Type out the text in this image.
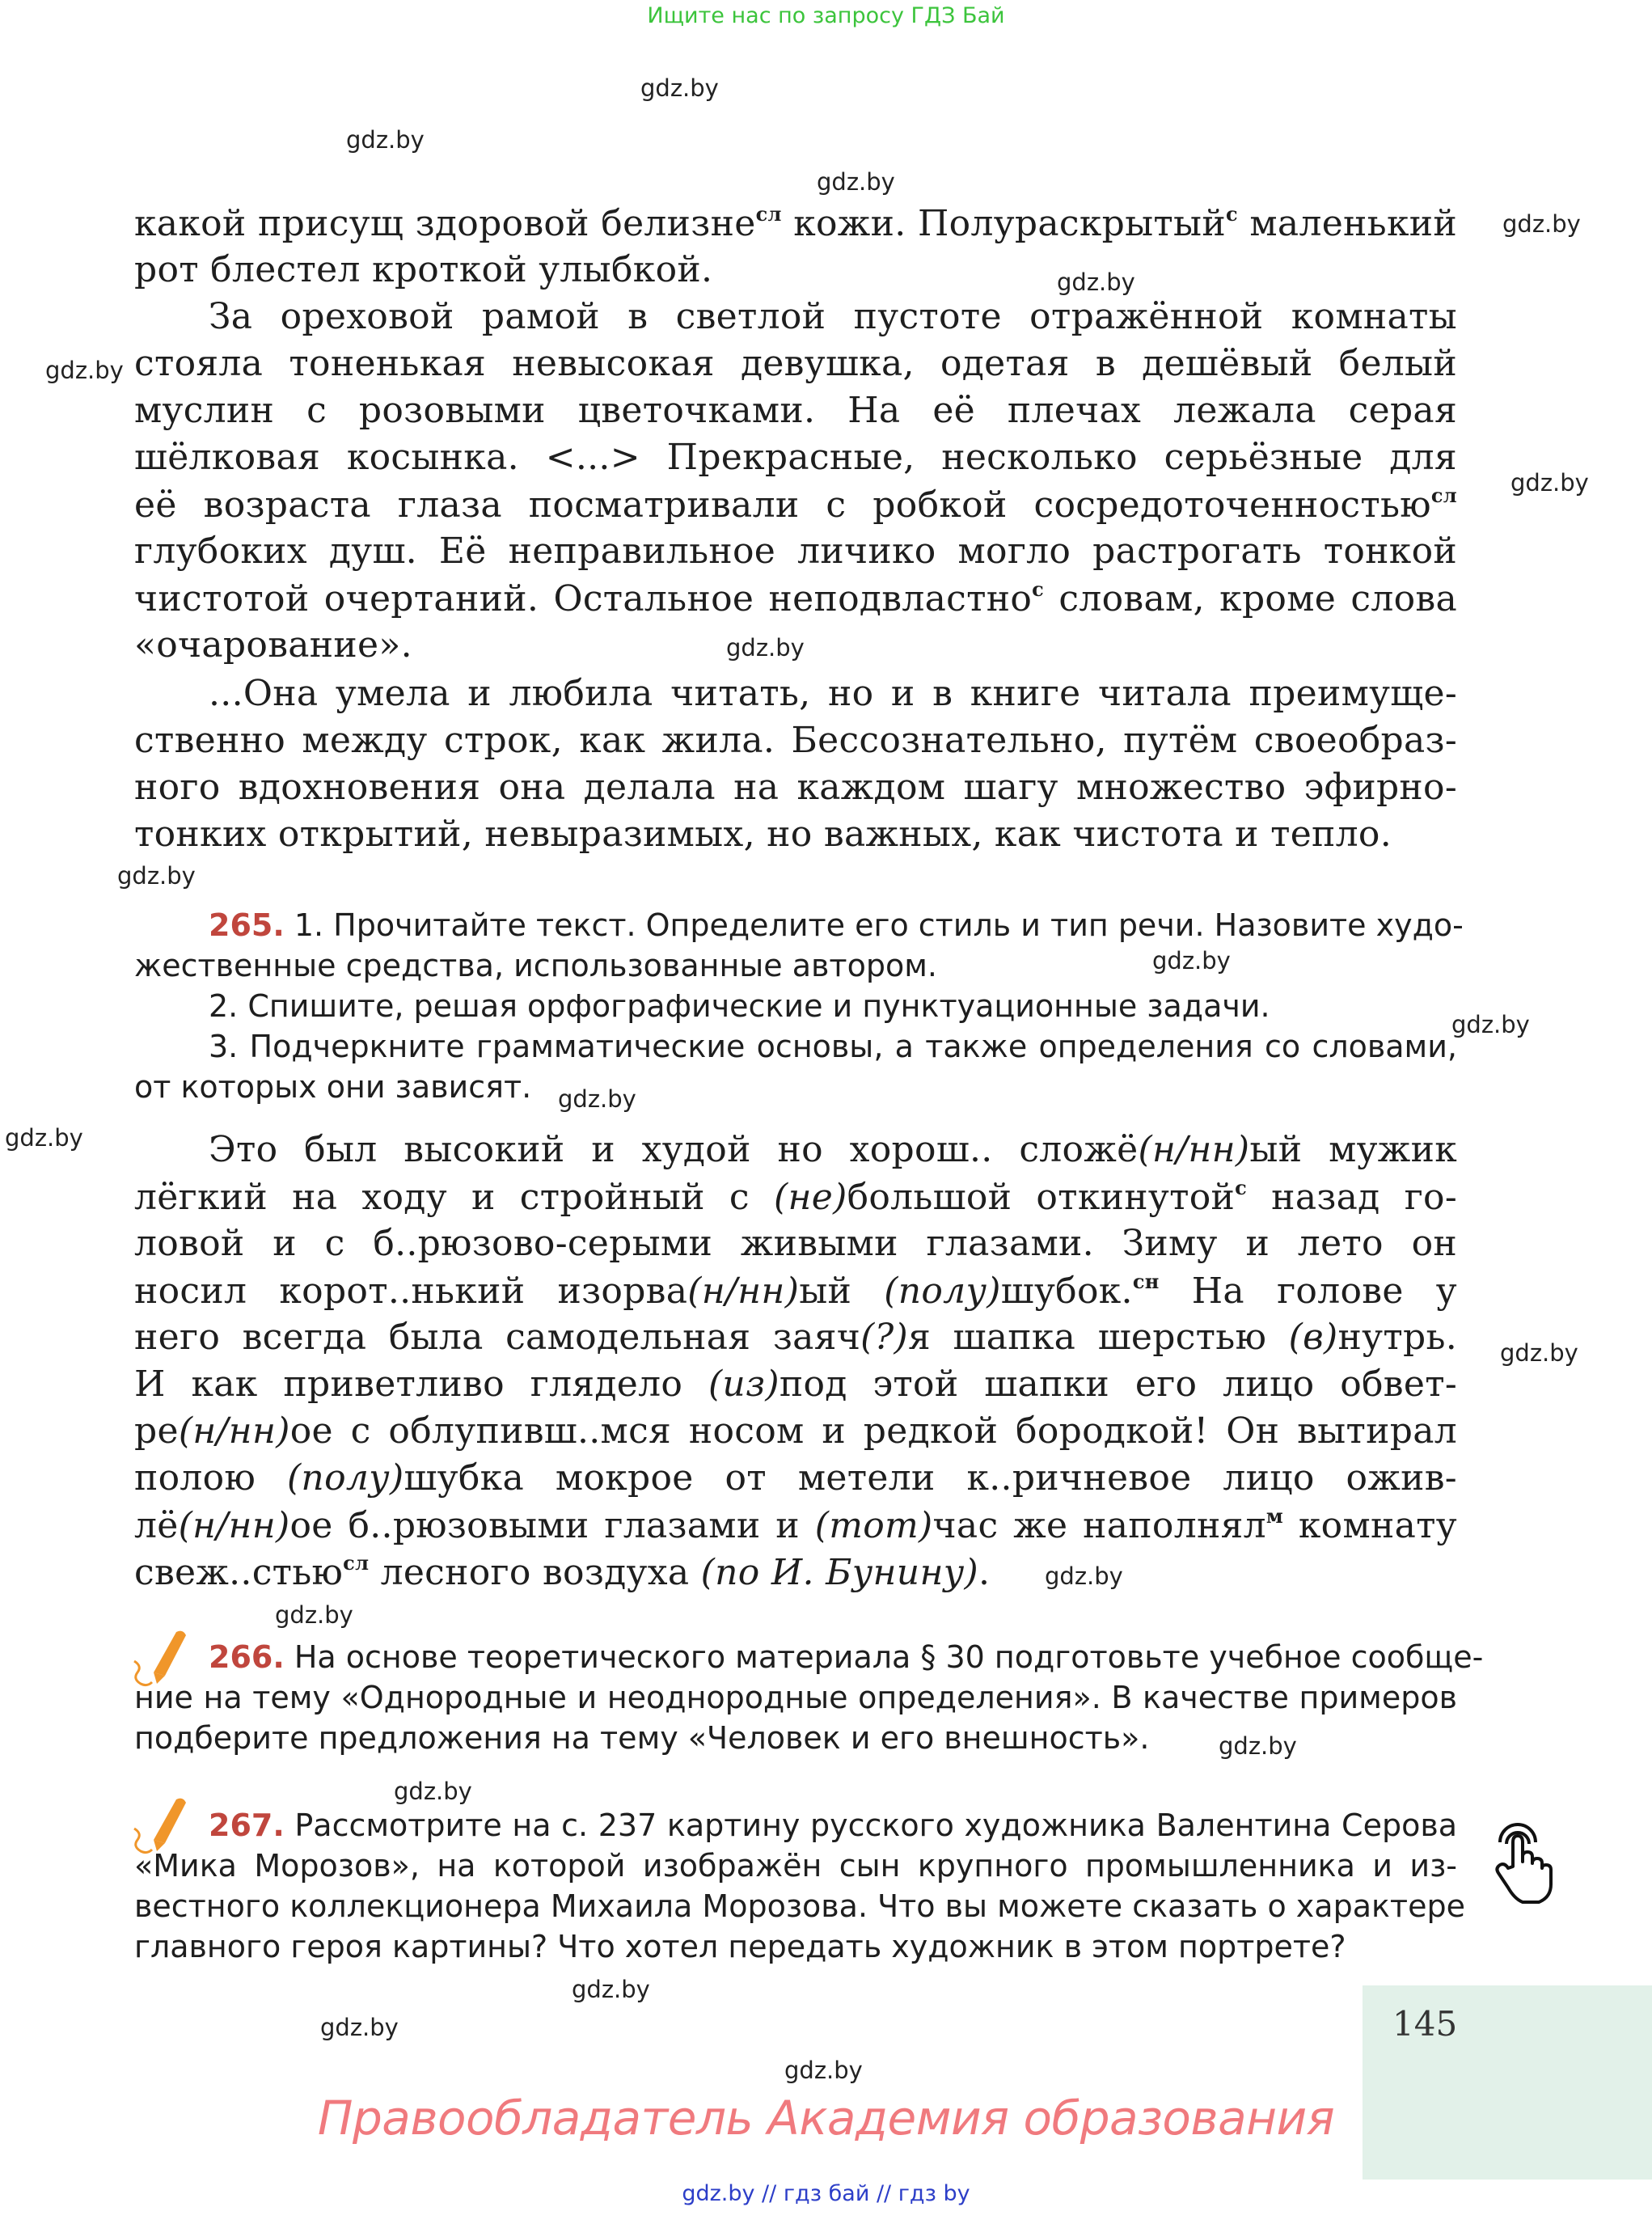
Ищите нас по запросу ГДЗ Бай
gdz.by
gdz.by
gdz.by
gdz.by
gdz.by
gdz.by
gdz.by
gdz.by
gdz.by
gdz.by
gdz.by
gdz.by
gdz.by
gdz.by
gdz.by
gdz.by
gdz.by
gdz.by
gdz.by
gdz.by
gdz.by
какой присущ здоровой белизне$^{сл}$ кожи. Полураскрытый$^с$ маленький
рот блестел кроткой улыбкой.
За ореховой рамой в светлой пустоте отражённой комнаты
стояла тоненькая невысокая девушка, одетая в дешёвый белый
муслин с розовыми цветочками. На её плечах лежала серая
шёлковая косынка. <...> Прекрасные, несколько серьёзные для
её возраста глаза посматривали с робкой сосредоточенностью$^{сл}$
глубоких душ. Её неправильное личико могло растрогать тонкой
чистотой очертаний. Остальное неподвластно$^с$ словам, кроме слова
«очарование».
...Она умела и любила читать, но и в книге читала преимуще-
ственно между строк, как жила. Бессознательно, путём своеобраз-
ного вдохновения она делала на каждом шагу множество эфирно-
тонких открытий, невыразимых, но важных, как чистота и тепло.
265. 1. Прочитайте текст. Определите его стиль и тип речи. Назовите худо-
жественные средства, использованные автором.
2. Спишите, решая орфографические и пунктуационные задачи.
3. Подчеркните грамматические основы, а также определения со словами,
от которых они зависят.
Это был высокий и худой но хорош.. сложё(н/нн)ый мужик
лёгкий на ходу и стройный с (не)большой откинутой$^с$ назад го-
ловой и с б..рюзово-серыми живыми глазами. Зиму и лето он
носил корот..нький изорва(н/нн)ый (полу)шубок.$^{сн}$ На голове у
него всегда была самодельная заяч(?)я шапка шерстью (в)нутрь.
И как приветливо глядело (из)под этой шапки его лицо обвет-
ре(н/нн)ое с облупивш..мся носом и редкой бородкой! Он вытирал
полою (полу)шубка мокрое от метели к..ричневое лицо ожив-
лё(н/нн)ое б..рюзовыми глазами и (тот)час же наполнял$^м$ комнату
свеж..стью$^{сл}$ лесного воздуха (по И. Бунину).
266. На основе теоретического материала § 30 подготовьте учебное сообще-
ние на тему «Однородные и неоднородные определения». В качестве примеров
подберите предложения на тему «Человек и его внешность».
267. Рассмотрите на с. 237 картину русского художника Валентина Серова
«Мика Морозов», на которой изображён сын крупного промышленника и из-
вестного коллекционера Михаила Морозова. Что вы можете сказать о характере
главного героя картины? Что хотел передать художник в этом портрете?
145
Правообладатель Академия образования
gdz.by // гдз бай // гдз by
